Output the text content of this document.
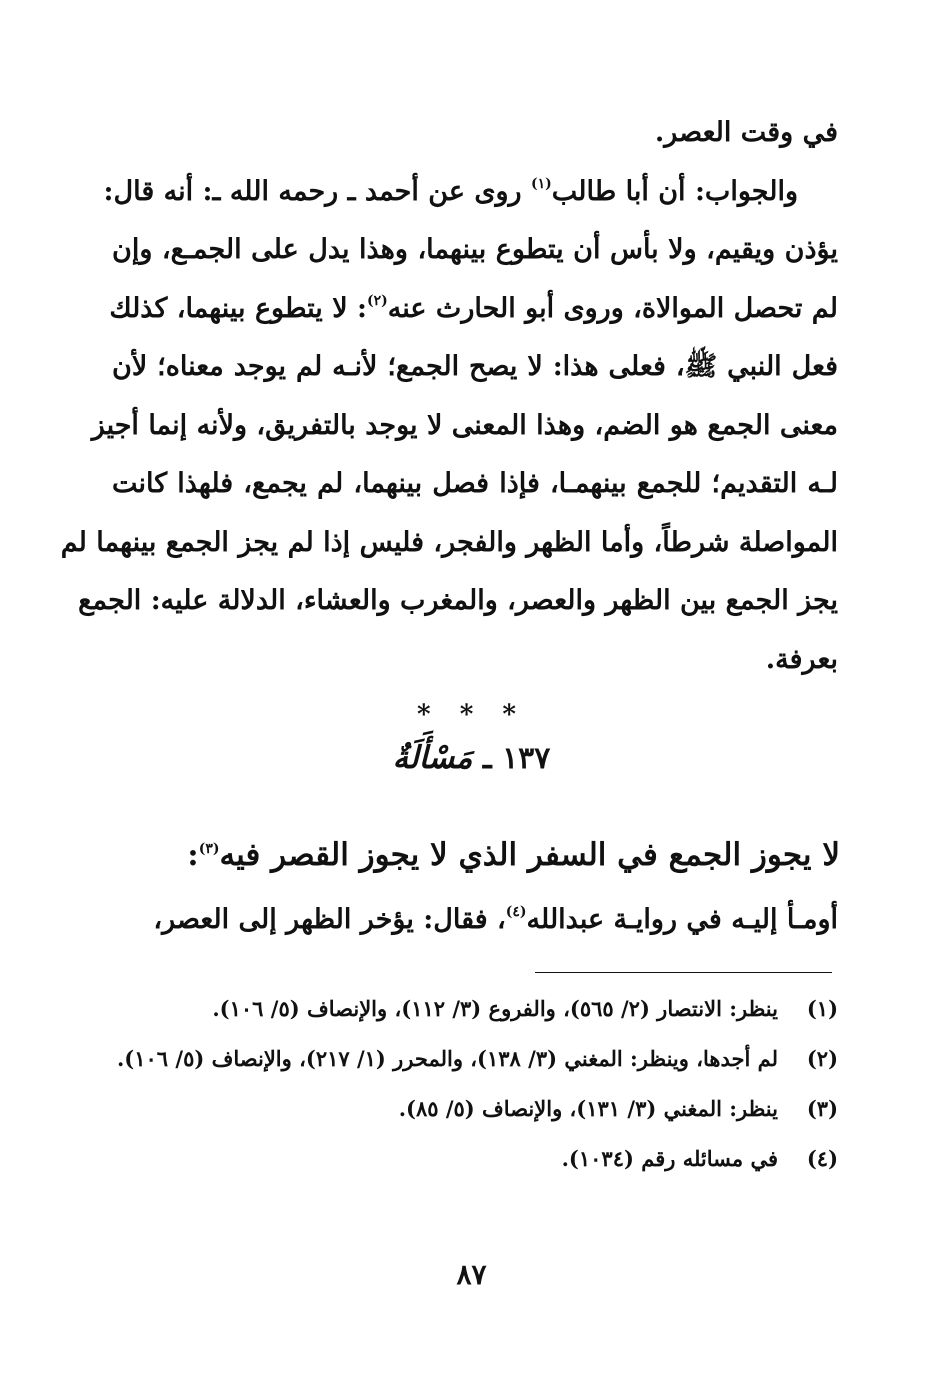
في وقت العصر.
والجواب: أن أبا طالب$^{(١)}$ روى عن أحمد ـ رحمه الله ـ: أنه قال:
يؤذن ويقيم، ولا بأس أن يتطوع بينهما، وهذا يدل على الجمـع، وإن
لم تحصل الموالاة، وروى أبو الحارث عنه$^{(٢)}$: لا يتطوع بينهما، كذلك
فعل النبي ﷺ، فعلى هذا: لا يصح الجمع؛ لأنـه لم يوجد معناه؛ لأن
معنى الجمع هو الضم، وهذا المعنى لا يوجد بالتفريق، ولأنه إنما أجيز
لـه التقديم؛ للجمع بينهمـا، فإذا فصل بينهما، لم يجمع، فلهذا كانت
المواصلة شرطاً، وأما الظهر والفجر، فليس إذا لم يجز الجمع بينهما لم
يجز الجمع بين الظهر والعصر، والمغرب والعشاء، الدلالة عليه: الجمع
بعرفة.
* * *
١٣٧ ـ مَسْأَلَةٌ
لا يجوز الجمع في السفر الذي لا يجوز القصر فيه$^{(٣)}$:
أومـأ إليـه في روايـة عبدالله$^{(٤)}$، فقال: يؤخر الظهر إلى العصر،
(١)
ينظر: الانتصار (٢/ ٥٦٥)، والفروع (٣/ ١١٢)، والإنصاف (٥/ ١٠٦).
(٢)
لم أجدها، وينظر: المغني (٣/ ١٣٨)، والمحرر (١/ ٢١٧)، والإنصاف (٥/ ١٠٦).
(٣)
ينظر: المغني (٣/ ١٣١)، والإنصاف (٥/ ٨٥).
(٤)
في مسائله رقم (١٠٣٤).
٨٧
